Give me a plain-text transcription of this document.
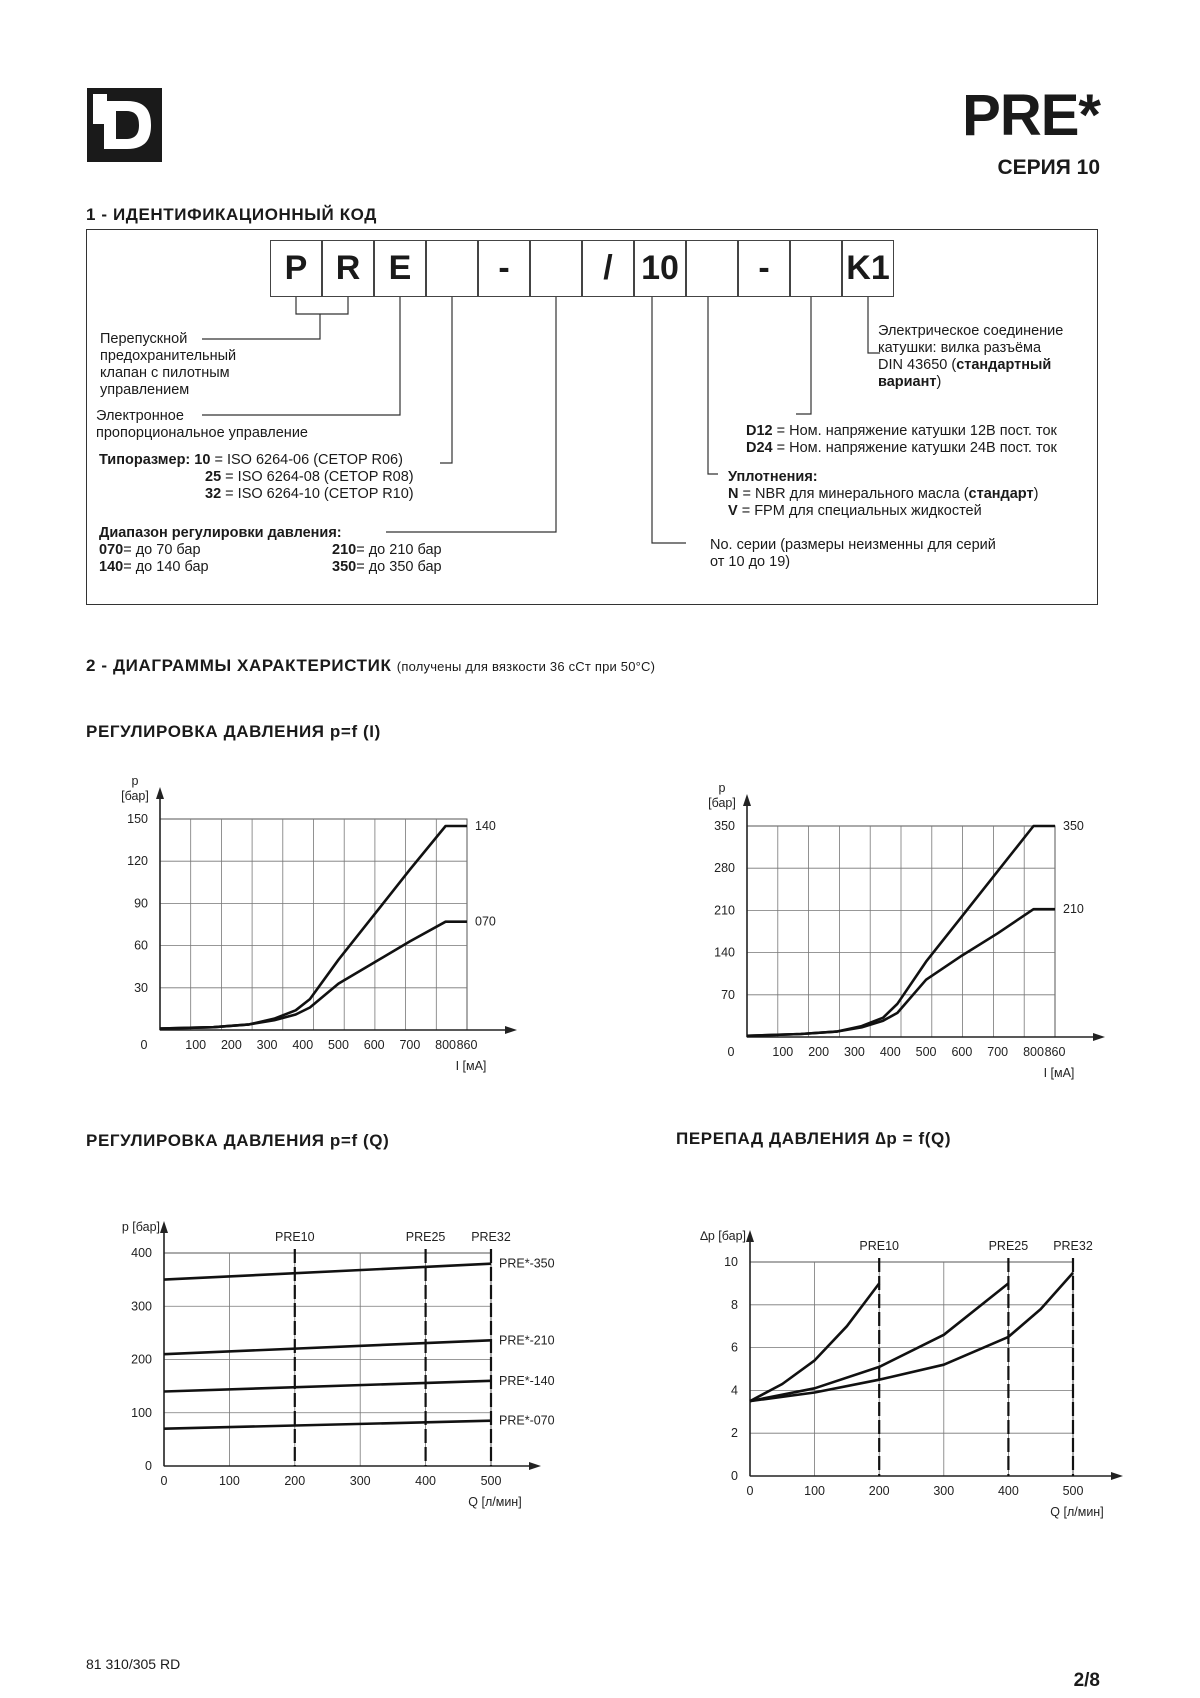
PRE*
СЕРИЯ 10
1 - ИДЕНТИФИКАЦИОННЫЙ КОД
P R E	-	/ 10	-	K1
Перепускной
предохранительный
клапан с пилотным
управлением
Электронное
пропорциональное управление
Типоразмер: 10 = ISO 6264-06 (CETOP R06)
25 = ISO 6264-08 (CETOP R08)
32 = ISO 6264-10 (CETOP R10)
Диапазон регулировки давления:
070= до 70 бар	210= до 210 бар
140= до 140 бар	350= до 350 бар
Электрическое соединение
катушки: вилка разъёма
DIN 43650 (стандартный
вариант)
D12 = Ном. напряжение катушки 12В пост. ток
D24 = Ном. напряжение катушки 24В пост. ток
Уплотнения:
N = NBR для минерального масла (стандарт)
V = FPM для специальных жидкостей
No. серии (размеры неизменны для серий
от 10 до 19)
2 - ДИАГРАММЫ ХАРАКТЕРИСТИК (получены для вязкости 36 сСт при 50°С)
РЕГУЛИРОВКА ДАВЛЕНИЯ p=f (I)
РЕГУЛИРОВКА ДАВЛЕНИЯ p=f (Q)	ПЕРЕПАД ДАВЛЕНИЯ ∆p = f(Q)
0	100 200 300 400 500 600 700 800 860
30
60
90
120
150
p
[бар]
I [мА]
140
070
0	100 200 300 400 500 600 700 800 860
70
140
210
280
350
p
[бар]
I [мА]
350
210
0	100	200	300	400	500
0
100
200
300
400
p [бар]
Q [л/мин]
PRE10	PRE25 PRE32
PRE*-350
PRE*-210
PRE*-140
PRE*-070
0	100	200	300	400	500
0
2
4
6
8
10
∆p [бар]
Q [л/мин]
PRE10	PRE25 PRE32
81 310/305 RD
2/8
